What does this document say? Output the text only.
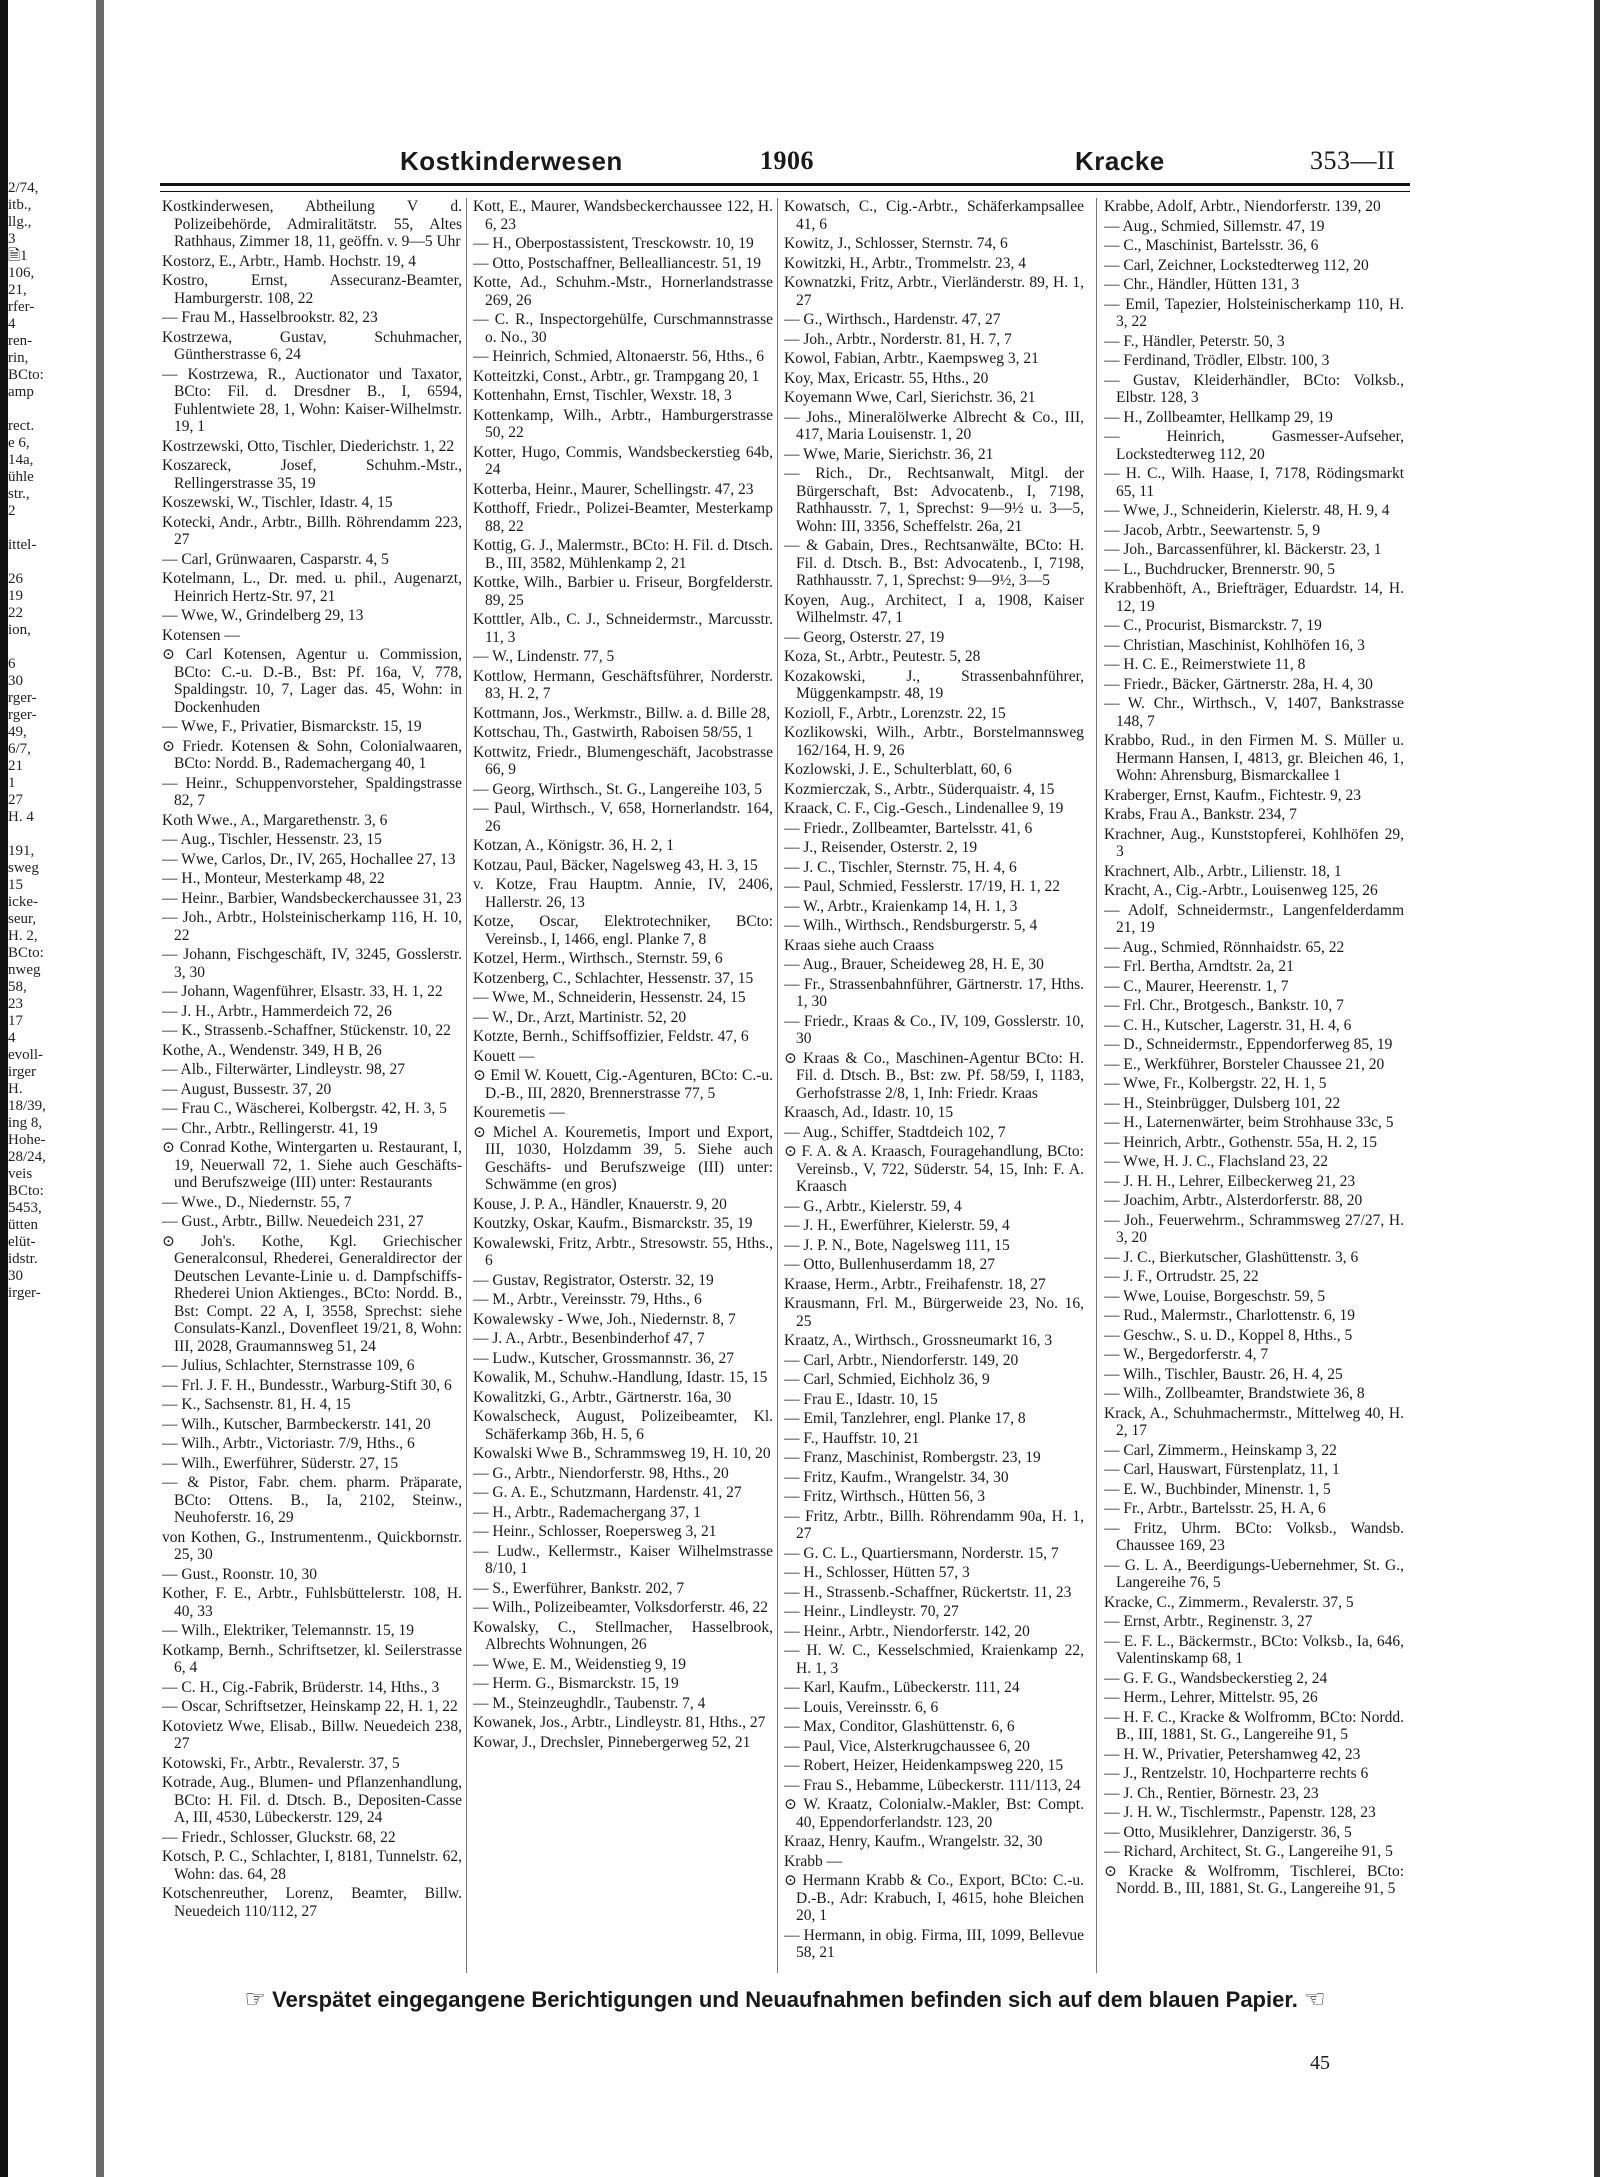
2/74,
itb.,
llg.,
3
🗎1
106,
21,
rfer-
4
ren-
rin,
BCto:
amp

rect.
e 6,
14a,
ühle
str.,
2

ittel-

26
19
22
ion,

6
30
rger-
rger-
49,
6/7,
21
1
27
H. 4

191,
sweg
15
icke-
seur,
H. 2,
BCto:
nweg
58,
23
17
4
evoll-
irger
H.
18/39,
ing 8,
Hohe-
28/24,
veis
BCto:
5453,
ütten
elüt-
idstr.
30
irger-
Kostkinderwesen	1906	Kracke	353—II

Kostkinderwesen, Abtheilung V d. Polizeibehörde, Admiralitätstr. 55, Altes Rathhaus, Zimmer 18, 11, geöffn. v. 9—5 Uhr

Kostorz, E., Arbtr., Hamb. Hochstr. 19, 4

Kostro, Ernst, Assecuranz-Beamter, Hamburgerstr. 108, 22

— Frau M., Hasselbrookstr. 82, 23

Kostrzewa, Gustav, Schuhmacher, Güntherstrasse 6, 24

— Kostrzewa, R., Auctionator und Taxator, BCto: Fil. d. Dresdner B., I, 6594, Fuhlentwiete 28, 1, Wohn: Kaiser-Wilhelmstr. 19, 1

Kostrzewski, Otto, Tischler, Diederichstr. 1, 22

Koszareck, Josef, Schuhm.-Mstr., Rellingerstrasse 35, 19

Koszewski, W., Tischler, Idastr. 4, 15

Kotecki, Andr., Arbtr., Billh. Röhrendamm 223, 27

— Carl, Grünwaaren, Casparstr. 4, 5

Kotelmann, L., Dr. med. u. phil., Augenarzt, Heinrich Hertz-Str. 97, 21

— Wwe, W., Grindelberg 29, 13

Kotensen —

⊙ Carl Kotensen, Agentur u. Commission, BCto: C.-u. D.-B., Bst: Pf. 16a, V, 778, Spaldingstr. 10, 7, Lager das. 45, Wohn: in Dockenhuden

— Wwe, F., Privatier, Bismarckstr. 15, 19

⊙ Friedr. Kotensen & Sohn, Colonialwaaren, BCto: Nordd. B., Rademachergang 40, 1

— Heinr., Schuppenvorsteher, Spaldingstrasse 82, 7

Koth Wwe., A., Margarethenstr. 3, 6

— Aug., Tischler, Hessenstr. 23, 15

— Wwe, Carlos, Dr., IV, 265, Hochallee 27, 13

— H., Monteur, Mesterkamp 48, 22

— Heinr., Barbier, Wandsbeckerchaussee 31, 23

— Joh., Arbtr., Holsteinischerkamp 116, H. 10, 22

— Johann, Fischgeschäft, IV, 3245, Gosslerstr. 3, 30

— Johann, Wagenführer, Elsastr. 33, H. 1, 22

— J. H., Arbtr., Hammerdeich 72, 26

— K., Strassenb.-Schaffner, Stückenstr. 10, 22

Kothe, A., Wendenstr. 349, H B, 26

— Alb., Filterwärter, Lindleystr. 98, 27

— August, Bussestr. 37, 20

— Frau C., Wäscherei, Kolbergstr. 42, H. 3, 5

— Chr., Arbtr., Rellingerstr. 41, 19

⊙ Conrad Kothe, Wintergarten u. Restaurant, I, 19, Neuerwall 72, 1. Siehe auch Geschäfts- und Berufszweige (III) unter: Restaurants

— Wwe., D., Niedernstr. 55, 7

— Gust., Arbtr., Billw. Neuedeich 231, 27

⊙ Joh's. Kothe, Kgl. Griechischer Generalconsul, Rhederei, Generaldirector der Deutschen Levante-Linie u. d. Dampfschiffs-Rhederei Union Aktienges., BCto: Nordd. B., Bst: Compt. 22 A, I, 3558, Sprechst: siehe Consulats-Kanzl., Dovenfleet 19/21, 8, Wohn: III, 2028, Graumannsweg 51, 24

— Julius, Schlachter, Sternstrasse 109, 6

— Frl. J. F. H., Bundesstr., Warburg-Stift 30, 6

— K., Sachsenstr. 81, H. 4, 15

— Wilh., Kutscher, Barmbeckerstr. 141, 20

— Wilh., Arbtr., Victoriastr. 7/9, Hths., 6

— Wilh., Ewerführer, Süderstr. 27, 15

— & Pistor, Fabr. chem. pharm. Präparate, BCto: Ottens. B., Ia, 2102, Steinw., Neuhoferstr. 16, 29

von Kothen, G., Instrumentenm., Quickbornstr. 25, 30

— Gust., Roonstr. 10, 30

Kother, F. E., Arbtr., Fuhlsbüttelerstr. 108, H. 40, 33

— Wilh., Elektriker, Telemannstr. 15, 19

Kotkamp, Bernh., Schriftsetzer, kl. Seilerstrasse 6, 4

— C. H., Cig.-Fabrik, Brüderstr. 14, Hths., 3

— Oscar, Schriftsetzer, Heinskamp 22, H. 1, 22

Kotovietz Wwe, Elisab., Billw. Neuedeich 238, 27

Kotowski, Fr., Arbtr., Revalerstr. 37, 5

Kotrade, Aug., Blumen- und Pflanzenhandlung, BCto: H. Fil. d. Dtsch. B., Depositen-Casse A, III, 4530, Lübeckerstr. 129, 24

— Friedr., Schlosser, Gluckstr. 68, 22

Kotsch, P. C., Schlachter, I, 8181, Tunnelstr. 62, Wohn: das. 64, 28

Kotschenreuther, Lorenz, Beamter, Billw. Neuedeich 110/112, 27

Kott, E., Maurer, Wandsbeckerchaussee 122, H. 6, 23

— H., Oberpostassistent, Tresckowstr. 10, 19

— Otto, Postschaffner, Bellealliancestr. 51, 19

Kotte, Ad., Schuhm.-Mstr., Hornerlandstrasse 269, 26

— C. R., Inspectorgehülfe, Curschmannstrasse o. No., 30

— Heinrich, Schmied, Altonaerstr. 56, Hths., 6

Kotteitzki, Const., Arbtr., gr. Trampgang 20, 1

Kottenhahn, Ernst, Tischler, Wexstr. 18, 3

Kottenkamp, Wilh., Arbtr., Hamburgerstrasse 50, 22

Kotter, Hugo, Commis, Wandsbeckerstieg 64b, 24

Kotterba, Heinr., Maurer, Schellingstr. 47, 23

Kotthoff, Friedr., Polizei-Beamter, Mesterkamp 88, 22

Kottig, G. J., Malermstr., BCto: H. Fil. d. Dtsch. B., III, 3582, Mühlenkamp 2, 21

Kottke, Wilh., Barbier u. Friseur, Borgfelderstr. 89, 25

Kotttler, Alb., C. J., Schneidermstr., Marcusstr. 11, 3

— W., Lindenstr. 77, 5

Kottlow, Hermann, Geschäftsführer, Norderstr. 83, H. 2, 7

Kottmann, Jos., Werkmstr., Billw. a. d. Bille 28,

Kottschau, Th., Gastwirth, Raboisen 58/55, 1

Kottwitz, Friedr., Blumengeschäft, Jacobstrasse 66, 9

— Georg, Wirthsch., St. G., Langereihe 103, 5

— Paul, Wirthsch., V, 658, Hornerlandstr. 164, 26

Kotzan, A., Königstr. 36, H. 2, 1

Kotzau, Paul, Bäcker, Nagelsweg 43, H. 3, 15

v. Kotze, Frau Hauptm. Annie, IV, 2406, Hallerstr. 26, 13

Kotze, Oscar, Elektrotechniker, BCto: Vereinsb., I, 1466, engl. Planke 7, 8

Kotzel, Herm., Wirthsch., Sternstr. 59, 6

Kotzenberg, C., Schlachter, Hessenstr. 37, 15

— Wwe, M., Schneiderin, Hessenstr. 24, 15

— W., Dr., Arzt, Martinistr. 52, 20

Kotzte, Bernh., Schiffsoffizier, Feldstr. 47, 6

Kouett —

⊙ Emil W. Kouett, Cig.-Agenturen, BCto: C.-u. D.-B., III, 2820, Brennerstrasse 77, 5

Kouremetis —

⊙ Michel A. Kouremetis, Import und Export, III, 1030, Holzdamm 39, 5. Siehe auch Geschäfts- und Berufszweige (III) unter: Schwämme (en gros)

Kouse, J. P. A., Händler, Knauerstr. 9, 20

Koutzky, Oskar, Kaufm., Bismarckstr. 35, 19

Kowalewski, Fritz, Arbtr., Stresowstr. 55, Hths., 6

— Gustav, Registrator, Osterstr. 32, 19

— M., Arbtr., Vereinsstr. 79, Hths., 6

Kowalewsky - Wwe, Joh., Niedernstr. 8, 7

— J. A., Arbtr., Besenbinderhof 47, 7

— Ludw., Kutscher, Grossmannstr. 36, 27

Kowalik, M., Schuhw.-Handlung, Idastr. 15, 15

Kowalitzki, G., Arbtr., Gärtnerstr. 16a, 30

Kowalscheck, August, Polizeibeamter, Kl. Schäferkamp 36b, H. 5, 6

Kowalski Wwe B., Schrammsweg 19, H. 10, 20

— G., Arbtr., Niendorferstr. 98, Hths., 20

— G. A. E., Schutzmann, Hardenstr. 41, 27

— H., Arbtr., Rademachergang 37, 1

— Heinr., Schlosser, Roepersweg 3, 21

— Ludw., Kellermstr., Kaiser Wilhelmstrasse 8/10, 1

— S., Ewerführer, Bankstr. 202, 7

— Wilh., Polizeibeamter, Volksdorferstr. 46, 22

Kowalsky, C., Stellmacher, Hasselbrook, Albrechts Wohnungen, 26

— Wwe, E. M., Weidenstieg 9, 19

— Herm. G., Bismarckstr. 15, 19

— M., Steinzeughdlr., Taubenstr. 7, 4

Kowanek, Jos., Arbtr., Lindleystr. 81, Hths., 27

Kowar, J., Drechsler, Pinnebergerweg 52, 21

Kowatsch, C., Cig.-Arbtr., Schäferkampsallee 41, 6

Kowitz, J., Schlosser, Sternstr. 74, 6

Kowitzki, H., Arbtr., Trommelstr. 23, 4

Kownatzki, Fritz, Arbtr., Vierländerstr. 89, H. 1, 27

— G., Wirthsch., Hardenstr. 47, 27

— Joh., Arbtr., Norderstr. 81, H. 7, 7

Kowol, Fabian, Arbtr., Kaempsweg 3, 21

Koy, Max, Ericastr. 55, Hths., 20

Koyemann Wwe, Carl, Sierichstr. 36, 21

— Johs., Mineralölwerke Albrecht & Co., III, 417, Maria Louisenstr. 1, 20

— Wwe, Marie, Sierichstr. 36, 21

— Rich., Dr., Rechtsanwalt, Mitgl. der Bürgerschaft, Bst: Advocatenb., I, 7198, Rathhausstr. 7, 1, Sprechst: 9—9½ u. 3—5, Wohn: III, 3356, Scheffelstr. 26a, 21

— & Gabain, Dres., Rechtsanwälte, BCto: H. Fil. d. Dtsch. B., Bst: Advocatenb., I, 7198, Rathhausstr. 7, 1, Sprechst: 9—9½, 3—5

Koyen, Aug., Architect, I a, 1908, Kaiser Wilhelmstr. 47, 1

— Georg, Osterstr. 27, 19

Koza, St., Arbtr., Peutestr. 5, 28

Kozakowski, J., Strassenbahnführer, Müggenkampstr. 48, 19

Kozioll, F., Arbtr., Lorenzstr. 22, 15

Kozlikowski, Wilh., Arbtr., Borstelmannsweg 162/164, H. 9, 26

Kozlowski, J. E., Schulterblatt, 60, 6

Kozmierczak, S., Arbtr., Süderquaistr. 4, 15

Kraack, C. F., Cig.-Gesch., Lindenallee 9, 19

— Friedr., Zollbeamter, Bartelsstr. 41, 6

— J., Reisender, Osterstr. 2, 19

— J. C., Tischler, Sternstr. 75, H. 4, 6

— Paul, Schmied, Fesslerstr. 17/19, H. 1, 22

— W., Arbtr., Kraienkamp 14, H. 1, 3

— Wilh., Wirthsch., Rendsburgerstr. 5, 4

Kraas siehe auch Craass

— Aug., Brauer, Scheideweg 28, H. E, 30

— Fr., Strassenbahnführer, Gärtnerstr. 17, Hths. 1, 30

— Friedr., Kraas & Co., IV, 109, Gosslerstr. 10, 30

⊙ Kraas & Co., Maschinen-Agentur BCto: H. Fil. d. Dtsch. B., Bst: zw. Pf. 58/59, I, 1183, Gerhofstrasse 2/8, 1, Inh: Friedr. Kraas

Kraasch, Ad., Idastr. 10, 15

— Aug., Schiffer, Stadtdeich 102, 7

⊙ F. A. & A. Kraasch, Fouragehandlung, BCto: Vereinsb., V, 722, Süderstr. 54, 15, Inh: F. A. Kraasch

— G., Arbtr., Kielerstr. 59, 4

— J. H., Ewerführer, Kielerstr. 59, 4

— J. P. N., Bote, Nagelsweg 111, 15

— Otto, Bullenhuserdamm 18, 27

Kraase, Herm., Arbtr., Freihafenstr. 18, 27

Krausmann, Frl. M., Bürgerweide 23, No. 16, 25

Kraatz, A., Wirthsch., Grossneumarkt 16, 3

— Carl, Arbtr., Niendorferstr. 149, 20

— Carl, Schmied, Eichholz 36, 9

— Frau E., Idastr. 10, 15

— Emil, Tanzlehrer, engl. Planke 17, 8

— F., Hauffstr. 10, 21

— Franz, Maschinist, Rombergstr. 23, 19

— Fritz, Kaufm., Wrangelstr. 34, 30

— Fritz, Wirthsch., Hütten 56, 3

— Fritz, Arbtr., Billh. Röhrendamm 90a, H. 1, 27

— G. C. L., Quartiersmann, Norderstr. 15, 7

— H., Schlosser, Hütten 57, 3

— H., Strassenb.-Schaffner, Rückertstr. 11, 23

— Heinr., Lindleystr. 70, 27

— Heinr., Arbtr., Niendorferstr. 142, 20

— H. W. C., Kesselschmied, Kraienkamp 22, H. 1, 3

— Karl, Kaufm., Lübeckerstr. 111, 24

— Louis, Vereinsstr. 6, 6

— Max, Conditor, Glashüttenstr. 6, 6

— Paul, Vice, Alsterkrugchaussee 6, 20

— Robert, Heizer, Heidenkampsweg 220, 15

— Frau S., Hebamme, Lübeckerstr. 111/113, 24

⊙ W. Kraatz, Colonialw.-Makler, Bst: Compt. 40, Eppendorferlandstr. 123, 20

Kraaz, Henry, Kaufm., Wrangelstr. 32, 30

Krabb —

⊙ Hermann Krabb & Co., Export, BCto: C.-u. D.-B., Adr: Krabuch, I, 4615, hohe Bleichen 20, 1

— Hermann, in obig. Firma, III, 1099, Bellevue 58, 21

Krabbe, Adolf, Arbtr., Niendorferstr. 139, 20

— Aug., Schmied, Sillemstr. 47, 19

— C., Maschinist, Bartelsstr. 36, 6

— Carl, Zeichner, Lockstedterweg 112, 20

— Chr., Händler, Hütten 131, 3

— Emil, Tapezier, Holsteinischerkamp 110, H. 3, 22

— F., Händler, Peterstr. 50, 3

— Ferdinand, Trödler, Elbstr. 100, 3

— Gustav, Kleiderhändler, BCto: Volksb., Elbstr. 128, 3

— H., Zollbeamter, Hellkamp 29, 19

— Heinrich, Gasmesser-Aufseher, Lockstedterweg 112, 20

— H. C., Wilh. Haase, I, 7178, Rödingsmarkt 65, 11

— Wwe, J., Schneiderin, Kielerstr. 48, H. 9, 4

— Jacob, Arbtr., Seewartenstr. 5, 9

— Joh., Barcassenführer, kl. Bäckerstr. 23, 1

— L., Buchdrucker, Brennerstr. 90, 5

Krabbenhöft, A., Briefträger, Eduardstr. 14, H. 12, 19

— C., Procurist, Bismarckstr. 7, 19

— Christian, Maschinist, Kohlhöfen 16, 3

— H. C. E., Reimerstwiete 11, 8

— Friedr., Bäcker, Gärtnerstr. 28a, H. 4, 30

— W. Chr., Wirthsch., V, 1407, Bankstrasse 148, 7

Krabbo, Rud., in den Firmen M. S. Müller u. Hermann Hansen, I, 4813, gr. Bleichen 46, 1, Wohn: Ahrensburg, Bismarckallee 1

Kraberger, Ernst, Kaufm., Fichtestr. 9, 23

Krabs, Frau A., Bankstr. 234, 7

Krachner, Aug., Kunststopferei, Kohlhöfen 29, 3

Krachnert, Alb., Arbtr., Lilienstr. 18, 1

Kracht, A., Cig.-Arbtr., Louisenweg 125, 26

— Adolf, Schneidermstr., Langenfelderdamm 21, 19

— Aug., Schmied, Rönnhaidstr. 65, 22

— Frl. Bertha, Arndtstr. 2a, 21

— C., Maurer, Heerenstr. 1, 7

— Frl. Chr., Brotgesch., Bankstr. 10, 7

— C. H., Kutscher, Lagerstr. 31, H. 4, 6

— D., Schneidermstr., Eppendorferweg 85, 19

— E., Werkführer, Borsteler Chaussee 21, 20

— Wwe, Fr., Kolbergstr. 22, H. 1, 5

— H., Steinbrügger, Dulsberg 101, 22

— H., Laternenwärter, beim Strohhause 33c, 5

— Heinrich, Arbtr., Gothenstr. 55a, H. 2, 15

— Wwe, H. J. C., Flachsland 23, 22

— J. H. H., Lehrer, Eilbeckerweg 21, 23

— Joachim, Arbtr., Alsterdorferstr. 88, 20

— Joh., Feuerwehrm., Schrammsweg 27/27, H. 3, 20

— J. C., Bierkutscher, Glashüttenstr. 3, 6

— J. F., Ortrudstr. 25, 22

— Wwe, Louise, Borgeschstr. 59, 5

— Rud., Malermstr., Charlottenstr. 6, 19

— Geschw., S. u. D., Koppel 8, Hths., 5

— W., Bergedorferstr. 4, 7

— Wilh., Tischler, Baustr. 26, H. 4, 25

— Wilh., Zollbeamter, Brandstwiete 36, 8

Krack, A., Schuhmachermstr., Mittelweg 40, H. 2, 17

— Carl, Zimmerm., Heinskamp 3, 22

— Carl, Hauswart, Fürstenplatz, 11, 1

— E. W., Buchbinder, Minenstr. 1, 5

— Fr., Arbtr., Bartelsstr. 25, H. A, 6

— Fritz, Uhrm. BCto: Volksb., Wandsb. Chaussee 169, 23

— G. L. A., Beerdigungs-Uebernehmer, St. G., Langereihe 76, 5

Kracke, C., Zimmerm., Revalerstr. 37, 5

— Ernst, Arbtr., Reginenstr. 3, 27

— E. F. L., Bäckermstr., BCto: Volksb., Ia, 646, Valentinskamp 68, 1

— G. F. G., Wandsbeckerstieg 2, 24

— Herm., Lehrer, Mittelstr. 95, 26

— H. F. C., Kracke & Wolfromm, BCto: Nordd. B., III, 1881, St. G., Langereihe 91, 5

— H. W., Privatier, Petershamweg 42, 23

— J., Rentzelstr. 10, Hochparterre rechts 6

— J. Ch., Rentier, Börnestr. 23, 23

— J. H. W., Tischlermstr., Papenstr. 128, 23

— Otto, Musiklehrer, Danzigerstr. 36, 5

— Richard, Architect, St. G., Langereihe 91, 5

⊙ Kracke & Wolfromm, Tischlerei, BCto: Nordd. B., III, 1881, St. G., Langereihe 91, 5

☞ Verspätet eingegangene Berichtigungen und Neuaufnahmen befinden sich auf dem blauen Papier. ☜
45
